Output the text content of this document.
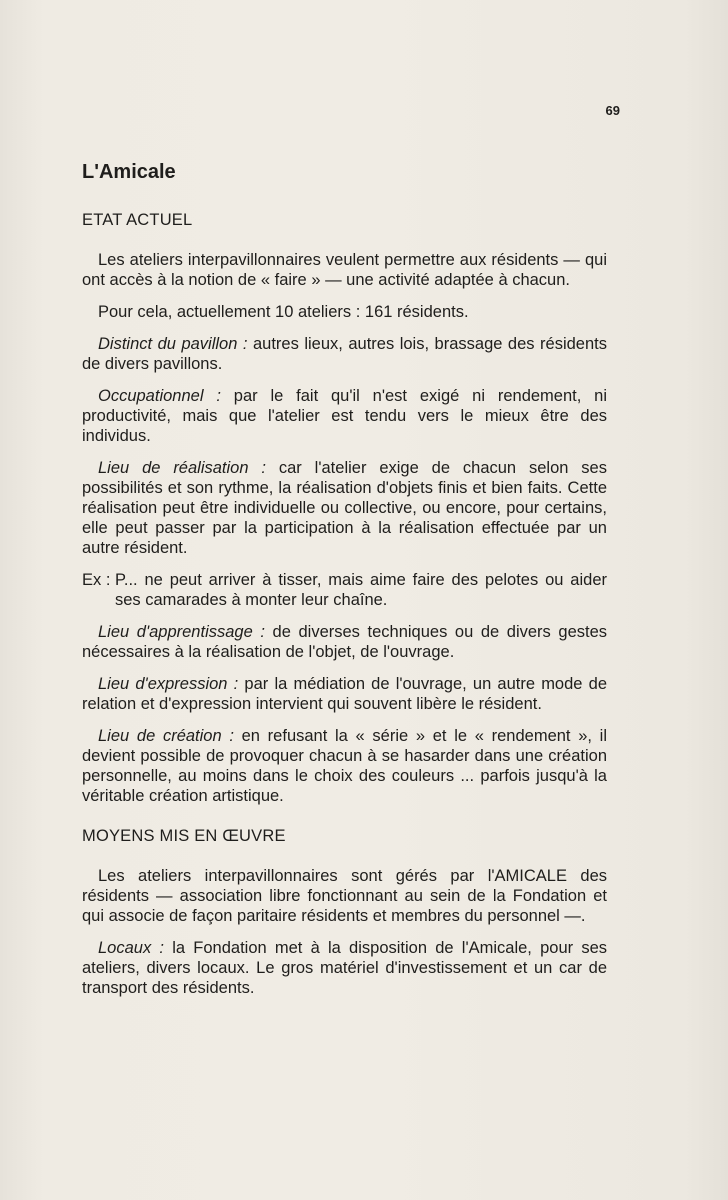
69
L'Amicale
ETAT ACTUEL

Les ateliers interpavillonnaires veulent permettre aux résidents — qui ont accès à la notion de « faire » — une activité adaptée à chacun.

Pour cela, actuellement 10 ateliers : 161 résidents.

Distinct du pavillon : autres lieux, autres lois, brassage des résidents de divers pavillons.

Occupationnel : par le fait qu'il n'est exigé ni rendement, ni productivité, mais que l'atelier est tendu vers le mieux être des individus.

Lieu de réalisation : car l'atelier exige de chacun selon ses possibilités et son rythme, la réalisation d'objets finis et bien faits. Cette réalisation peut être individuelle ou collective, ou encore, pour certains, elle peut passer par la participation à la réalisation effectuée par un autre résident.

Ex : P... ne peut arriver à tisser, mais aime faire des pelotes ou aider ses camarades à monter leur chaîne.

Lieu d'apprentissage : de diverses techniques ou de divers gestes nécessaires à la réalisation de l'objet, de l'ouvrage.

Lieu d'expression : par la médiation de l'ouvrage, un autre mode de relation et d'expression intervient qui souvent libère le résident.

Lieu de création : en refusant la « série » et le « rendement », il devient possible de provoquer chacun à se hasarder dans une création personnelle, au moins dans le choix des couleurs ... parfois jusqu'à la véritable création artistique.

MOYENS MIS EN ŒUVRE

Les ateliers interpavillonnaires sont gérés par l'AMICALE des résidents — association libre fonctionnant au sein de la Fondation et qui associe de façon paritaire résidents et membres du personnel —.

Locaux : la Fondation met à la disposition de l'Amicale, pour ses ateliers, divers locaux. Le gros matériel d'investissement et un car de transport des résidents.
